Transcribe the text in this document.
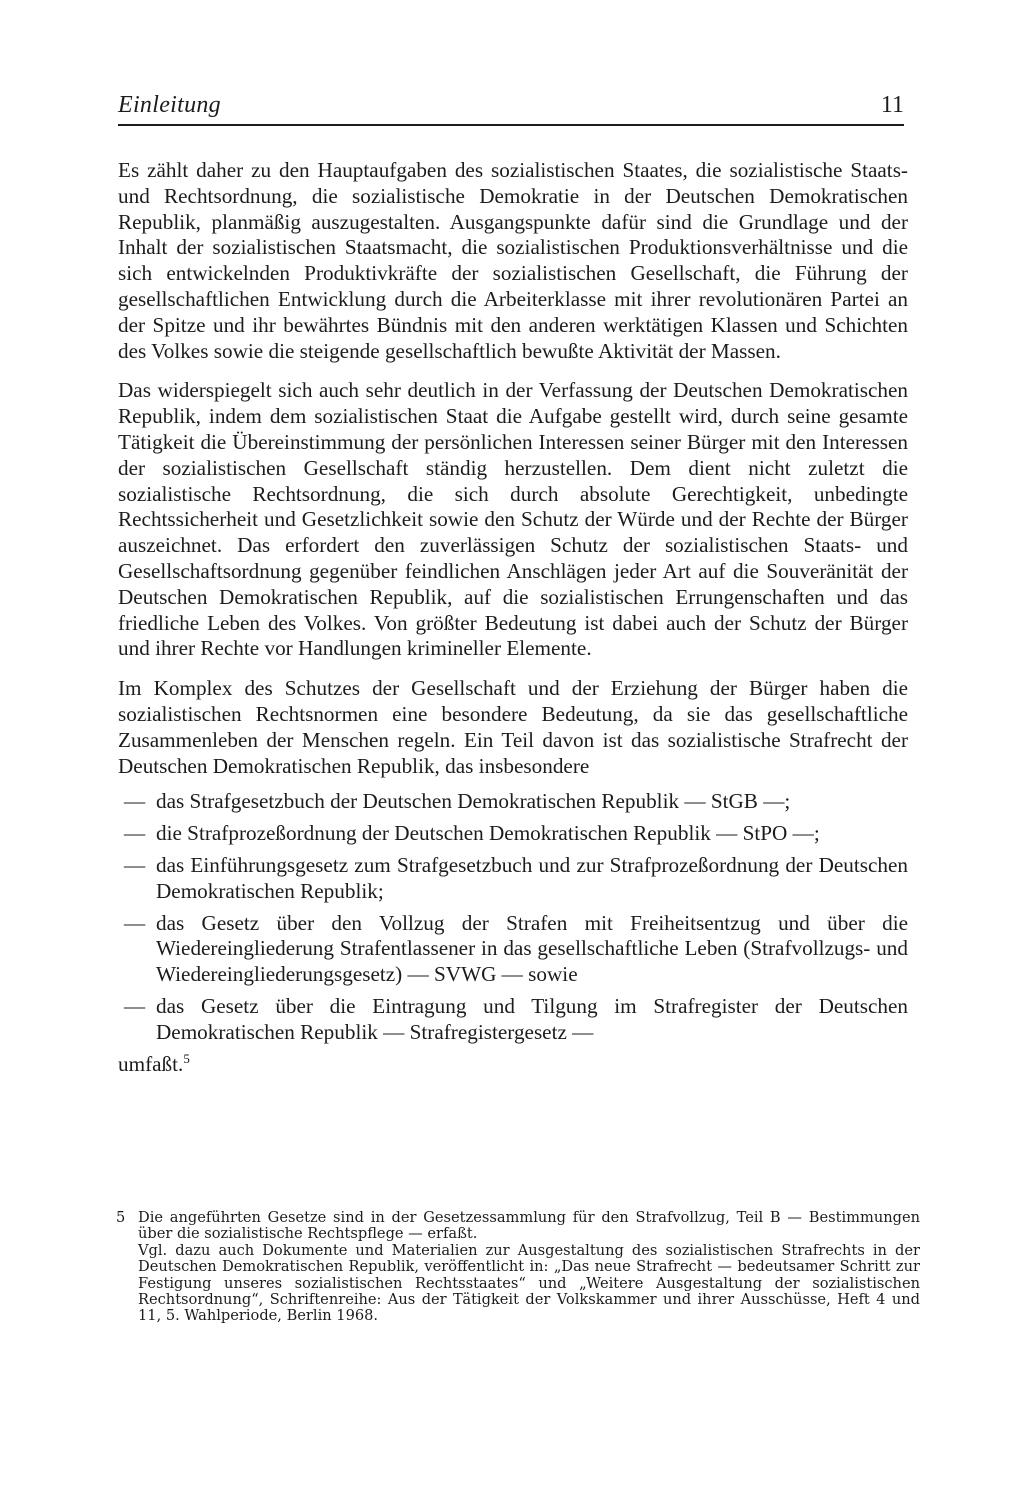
Einleitung	11

Es zählt daher zu den Hauptaufgaben des sozialistischen Staates, die sozialistische Staats- und Rechtsordnung, die sozialistische Demokratie in der Deutschen Demokratischen Republik, planmäßig auszugestalten. Ausgangspunkte dafür sind die Grundlage und der Inhalt der sozialistischen Staatsmacht, die sozialistischen Produktionsverhältnisse und die sich entwickelnden Produktivkräfte der sozialistischen Gesellschaft, die Führung der gesellschaftlichen Entwicklung durch die Arbeiterklasse mit ihrer revolutionären Partei an der Spitze und ihr bewährtes Bündnis mit den anderen werktätigen Klassen und Schichten des Volkes sowie die steigende gesellschaftlich bewußte Aktivität der Massen.

Das widerspiegelt sich auch sehr deutlich in der Verfassung der Deutschen Demokratischen Republik, indem dem sozialistischen Staat die Aufgabe gestellt wird, durch seine gesamte Tätigkeit die Übereinstimmung der persönlichen Interessen seiner Bürger mit den Interessen der sozialistischen Gesellschaft ständig herzustellen. Dem dient nicht zuletzt die sozialistische Rechtsordnung, die sich durch absolute Gerechtigkeit, unbedingte Rechtssicherheit und Gesetzlichkeit sowie den Schutz der Würde und der Rechte der Bürger auszeichnet. Das erfordert den zuverlässigen Schutz der sozialistischen Staats- und Gesellschaftsordnung gegenüber feindlichen Anschlägen jeder Art auf die Souveränität der Deutschen Demokratischen Republik, auf die sozialistischen Errungenschaften und das friedliche Leben des Volkes. Von größter Bedeutung ist dabei auch der Schutz der Bürger und ihrer Rechte vor Handlungen krimineller Elemente.

Im Komplex des Schutzes der Gesellschaft und der Erziehung der Bürger haben die sozialistischen Rechtsnormen eine besondere Bedeutung, da sie das gesellschaftliche Zusammenleben der Menschen regeln. Ein Teil davon ist das sozialistische Strafrecht der Deutschen Demokratischen Republik, das insbesondere

— das Strafgesetzbuch der Deutschen Demokratischen Republik — StGB —;
— die Strafprozeßordnung der Deutschen Demokratischen Republik — StPO —;
— das Einführungsgesetz zum Strafgesetzbuch und zur Strafprozeßordnung der Deutschen Demokratischen Republik;
— das Gesetz über den Vollzug der Strafen mit Freiheitsentzug und über die Wiedereingliederung Strafentlassener in das gesellschaftliche Leben (Strafvollzugs- und Wiedereingliederungsgesetz) — SVWG — sowie
— das Gesetz über die Eintragung und Tilgung im Strafregister der Deutschen Demokratischen Republik — Strafregistergesetz —

umfaßt.$^5$

5 Die angeführten Gesetze sind in der Gesetzessammlung für den Strafvollzug, Teil B — Bestimmungen über die sozialistische Rechtspflege — erfaßt.

Vgl. dazu auch Dokumente und Materialien zur Ausgestaltung des sozialistischen Strafrechts in der Deutschen Demokratischen Republik, veröffentlicht in: „Das neue Strafrecht — bedeutsamer Schritt zur Festigung unseres sozialistischen Rechtsstaates“ und „Weitere Ausgestaltung der sozialistischen Rechtsordnung“, Schriftenreihe: Aus der Tätigkeit der Volkskammer und ihrer Ausschüsse, Heft 4 und 11, 5. Wahlperiode, Berlin 1968.
